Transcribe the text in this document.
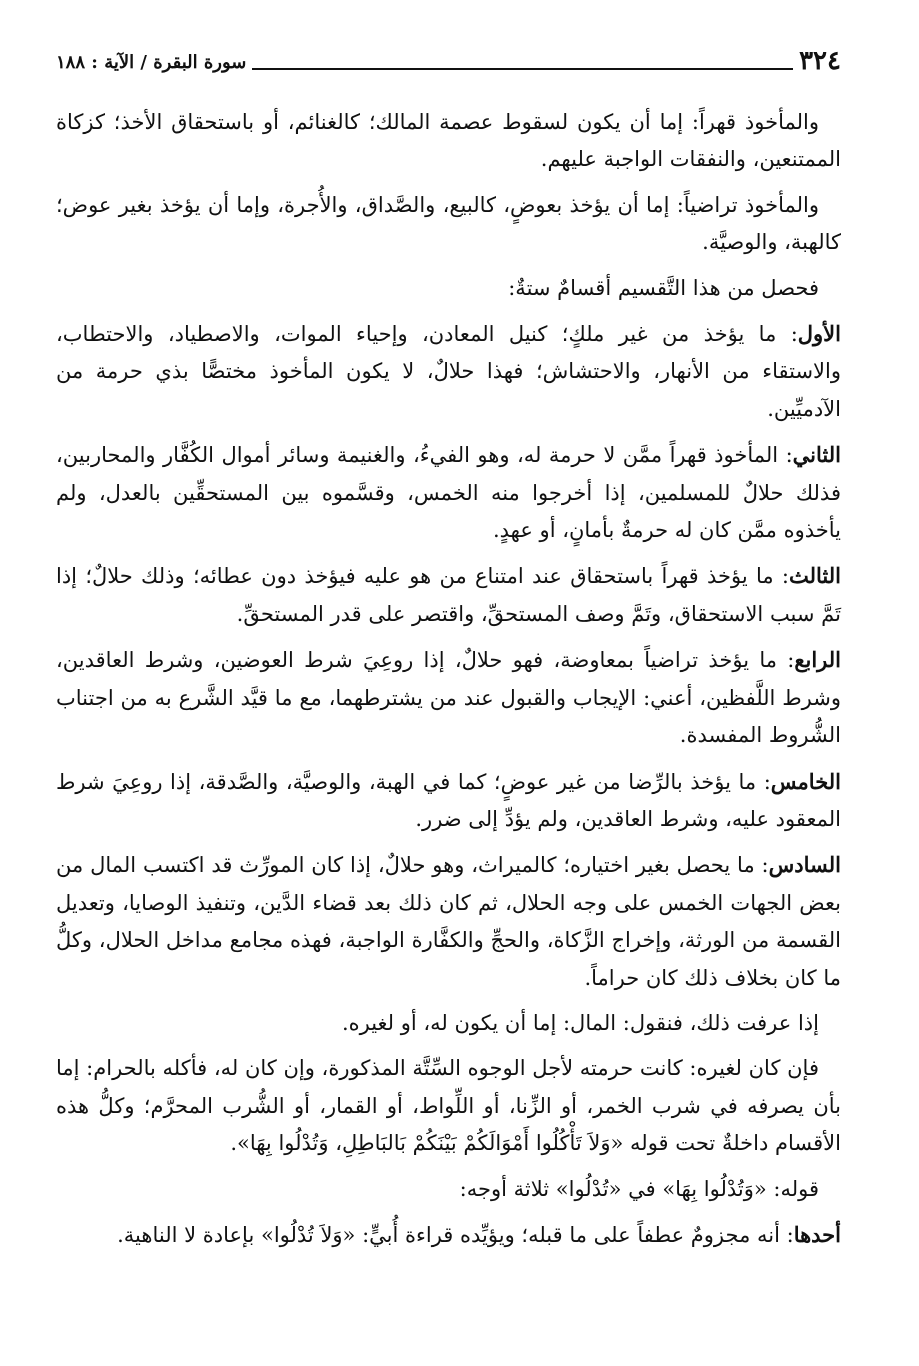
٣٢٤
سورة البقرة / الآية : ١٨٨

والمأخوذ قهراً: إما أن يكون لسقوط عصمة المالك؛ كالغنائم، أو باستحقاق الأخذ؛ كزكاة الممتنعين، والنفقات الواجبة عليهم.

والمأخوذ تراضياً: إما أن يؤخذ بعوضٍ، كالبيع، والصَّداق، والأُجرة، وإما أن يؤخذ بغير عوض؛ كالهبة، والوصيَّة.

فحصل من هذا التَّقسيم أقسامٌ ستةٌ:

الأول: ما يؤخذ من غير ملكٍ؛ كنيل المعادن، وإحياء الموات، والاصطياد، والاحتطاب، والاستقاء من الأنهار، والاحتشاش؛ فهذا حلالٌ، لا يكون المأخوذ مختصًّا بذي حرمة من الآدميِّين.

الثاني: المأخوذ قهراً ممَّن لا حرمة له، وهو الفيءُ، والغنيمة وسائر أموال الكُفَّار والمحاربين، فذلك حلالٌ للمسلمين، إذا أخرجوا منه الخمس، وقسَّموه بين المستحقِّين بالعدل، ولم يأخذوه ممَّن كان له حرمةٌ بأمانٍ، أو عهدٍ.

الثالث: ما يؤخذ قهراً باستحقاق عند امتناع من هو عليه فيؤخذ دون عطائه؛ وذلك حلالٌ؛ إذا تَمَّ سبب الاستحقاق، وتَمَّ وصف المستحقِّ، واقتصر على قدر المستحقِّ.

الرابع: ما يؤخذ تراضياً بمعاوضة، فهو حلالٌ، إذا روعِيَ شرط العوضين، وشرط العاقدين، وشرط اللَّفظين، أعني: الإيجاب والقبول عند من يشترطهما، مع ما قيَّد الشَّرع به من اجتناب الشُّروط المفسدة.

الخامس: ما يؤخذ بالرِّضا من غير عوضٍ؛ كما في الهبة، والوصيَّة، والصَّدقة، إذا روعِيَ شرط المعقود عليه، وشرط العاقدين، ولم يؤدِّ إلى ضرر.

السادس: ما يحصل بغير اختياره؛ كالميراث، وهو حلالٌ، إذا كان المورِّث قد اكتسب المال من بعض الجهات الخمس على وجه الحلال، ثم كان ذلك بعد قضاء الدَّين، وتنفيذ الوصايا، وتعديل القسمة من الورثة، وإخراج الزَّكاة، والحجِّ والكفَّارة الواجبة، فهذه مجامع مداخل الحلال، وكلُّ ما كان بخلاف ذلك كان حراماً.

إذا عرفت ذلك، فنقول: المال: إما أن يكون له، أو لغيره.

فإن كان لغيره: كانت حرمته لأجل الوجوه السِّتَّة المذكورة، وإن كان له، فأكله بالحرام: إما بأن يصرفه في شرب الخمر، أو الزِّنا، أو اللِّواط، أو القمار، أو الشُّرب المحرَّم؛ وكلُّ هذه الأقسام داخلةٌ تحت قوله «وَلاَ تَأْكُلُوا أَمْوَالَكُمْ بَيْنَكُمْ بَالبَاطِلِ، وَتُدْلُوا بِهَا».

قوله: «وَتُدْلُوا بِهَا» في «تُدْلُوا» ثلاثة أوجه:

أحدها: أنه مجزومٌ عطفاً على ما قبله؛ ويؤيِّده قراءة أُبيٍّ: «وَلاَ تُدْلُوا» بإعادة لا الناهية.
